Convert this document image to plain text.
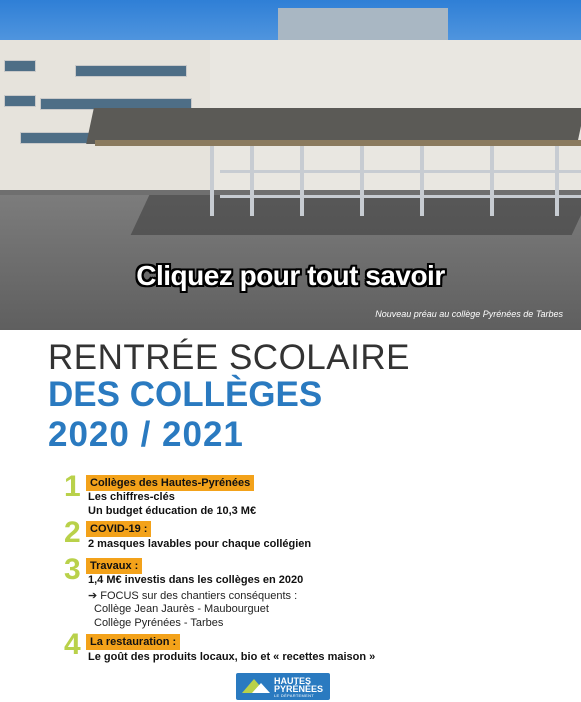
Cliquez pour tout savoir
Nouveau préau au collège Pyrénées de Tarbes
RENTRÉE SCOLAIRE
DES COLLÈGES
2020 / 2021
1 Collèges des Hautes-Pyrénées
Les chiffres-clés
Un budget éducation de 10,3 M€
2 COVID-19 :
2 masques lavables pour chaque collégien
3 Travaux :
1,4 M€ investis dans les collèges en 2020
➔ FOCUS sur des chantiers conséquents :
Collège Jean Jaurès - Maubourguet
Collège Pyrénées - Tarbes
4 La restauration :
Le goût des produits locaux, bio et « recettes maison »
HAUTES
PYRÉNÉES
LE DÉPARTEMENT
